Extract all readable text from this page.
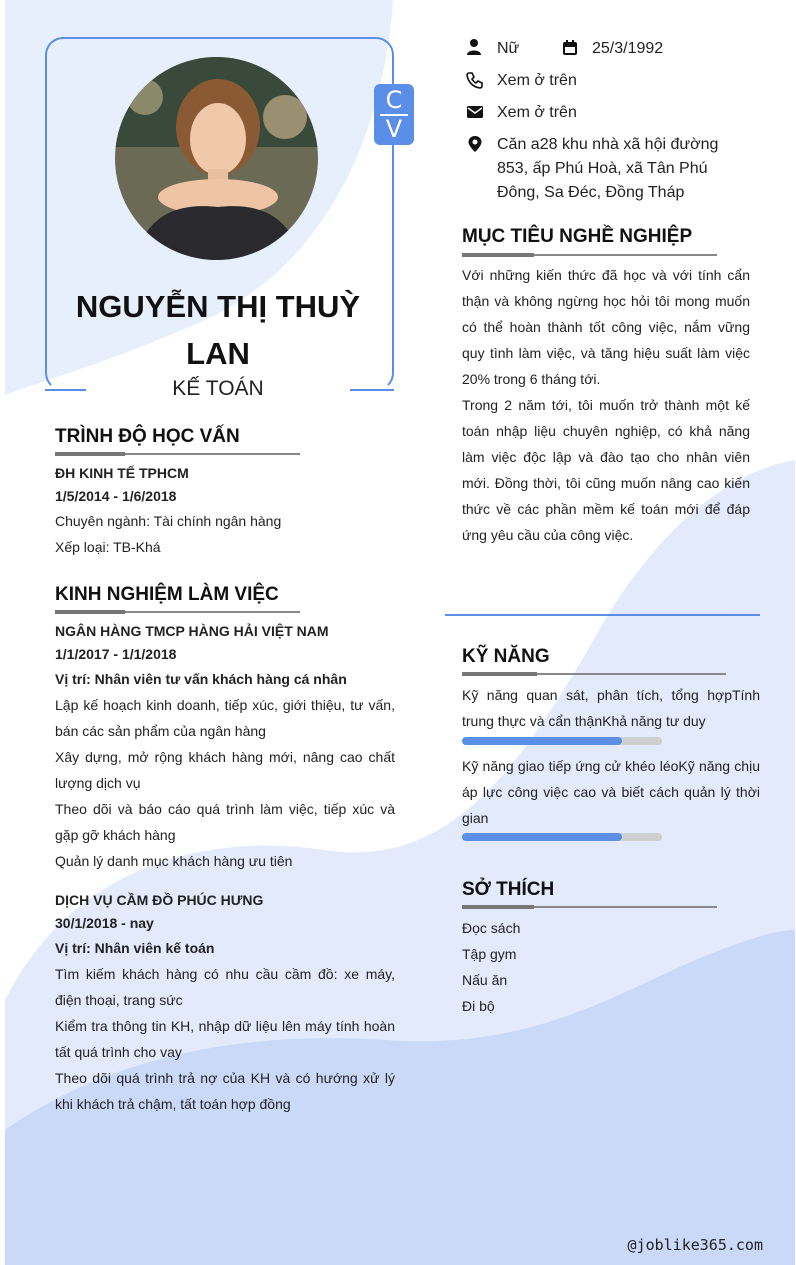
C
V
NGUYỄN THỊ THUỲ LAN
KẾ TOÁN
Nữ	25/3/1992
Xem ở trên
Xem ở trên
Căn a28 khu nhà xã hội đường 853, ấp Phú Hoà, xã Tân Phú Đông, Sa Đéc, Đồng Tháp
MỤC TIÊU NGHỀ NGHIỆP
Với những kiến thức đã học và với tính cẩn thận và không ngừng học hỏi tôi mong muốn có thể hoàn thành tốt công việc, nắm vững quy tình làm việc, và tăng hiệu suất làm việc 20% trong 6 tháng tới.
Trong 2 năm tới, tôi muốn trở thành một kế toán nhập liệu chuyên nghiệp, có khả năng làm việc độc lập và đào tạo cho nhân viên mới. Đồng thời, tôi cũng muốn nâng cao kiến thức về các phần mềm kế toán mới để đáp ứng yêu cầu của công việc.
TRÌNH ĐỘ HỌC VẤN
ĐH KINH TẾ TPHCM
1/5/2014 - 1/6/2018
Chuyên ngành: Tài chính ngân hàng
Xếp loại: TB-Khá
KINH NGHIỆM LÀM VIỆC
NGÂN HÀNG TMCP HÀNG HẢI VIỆT NAM
1/1/2017 - 1/1/2018
Vị trí: Nhân viên tư vấn khách hàng cá nhân
Lập kế hoạch kinh doanh, tiếp xúc, giới thiệu, tư vấn, bán các sản phẩm của ngân hàng
Xây dựng, mở rộng khách hàng mới, nâng cao chất lượng dịch vụ
Theo dõi và báo cáo quá trình làm việc, tiếp xúc và gặp gỡ khách hàng
Quản lý danh mục khách hàng ưu tiên
DỊCH VỤ CẦM ĐỒ PHÚC HƯNG
30/1/2018 - nay
Vị trí: Nhân viên kế toán
Tìm kiếm khách hàng có nhu cầu cầm đồ: xe máy, điện thoại, trang sức
Kiểm tra thông tin KH, nhập dữ liệu lên máy tính hoàn tất quá trình cho vay
Theo dõi quá trình trả nợ của KH và có hướng xử lý khi khách trả chậm, tất toán hợp đồng
KỸ NĂNG
Kỹ năng quan sát, phân tích, tổng hợpTính trung thực và cẩn thậnKhả năng tư duy
Kỹ năng giao tiếp ứng cử khéo léoKỹ năng chịu áp lực công việc cao và biết cách quản lý thời gian
SỞ THÍCH
Đọc sách
Tập gym
Nấu ăn
Đi bộ
@joblike365.com
